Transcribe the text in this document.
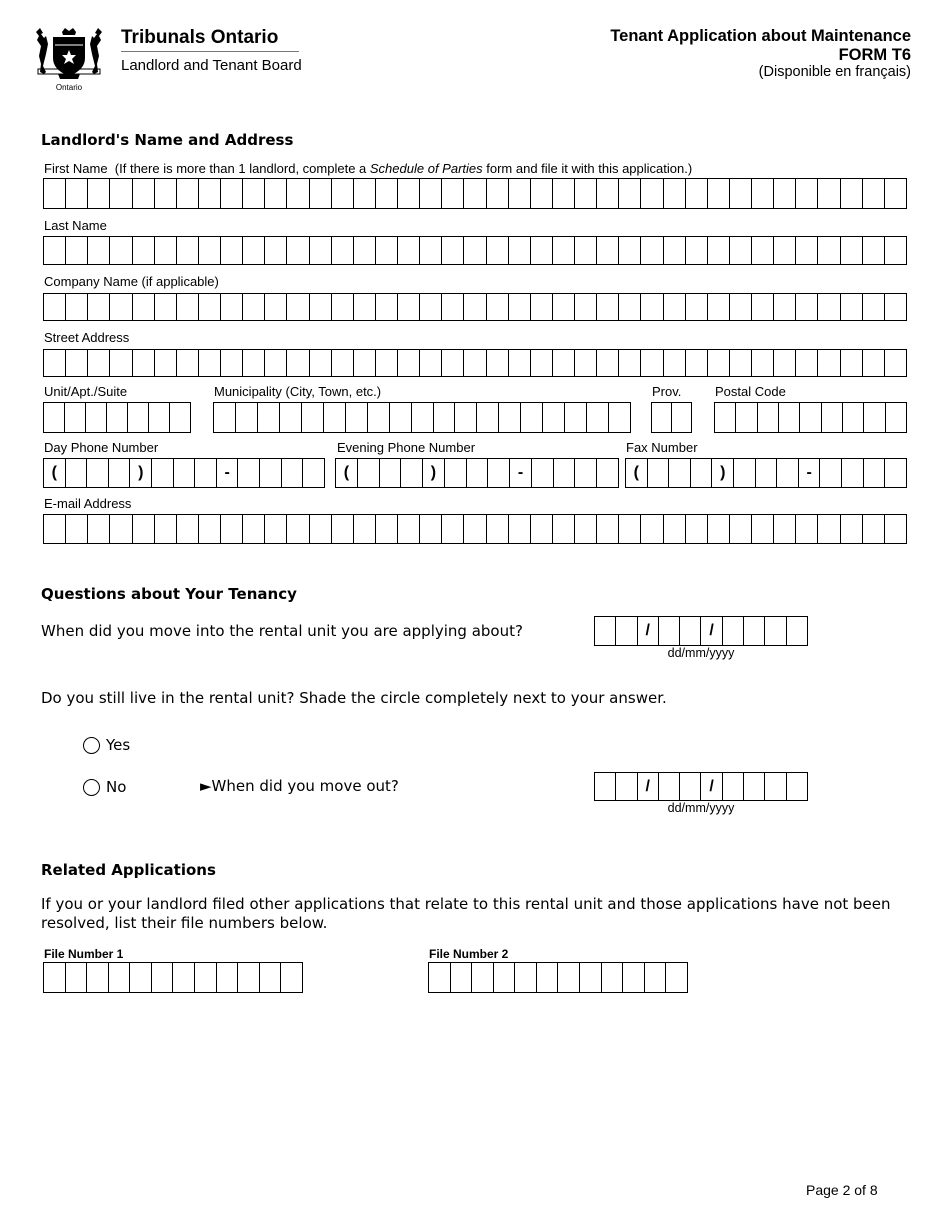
Ontario
Tribunals Ontario
Landlord and Tenant Board
Tenant Application about Maintenance
FORM T6
(Disponible en français)
Landlord's Name and Address
First Name (If there is more than 1 landlord, complete a Schedule of Parties form and file it with this application.)
Last Name
Company Name (if applicable)
Street Address
Unit/Apt./Suite	Municipality (City, Town, etc.)	Prov.	Postal Code
Day Phone Number	Evening Phone Number	Fax Number
(	)	-	(	)	-	(	)	-
E-mail Address
Questions about Your Tenancy
When did you move into the rental unit you are applying about?	/	/
dd/mm/yyyy
Do you still live in the rental unit? Shade the circle completely next to your answer.
Yes
No	►When did you move out?	/	/
dd/mm/yyyy
Related Applications
If you or your landlord filed other applications that relate to this rental unit and those applications have not been resolved, list their file numbers below.
File Number 1	File Number 2
Page 2 of 8
